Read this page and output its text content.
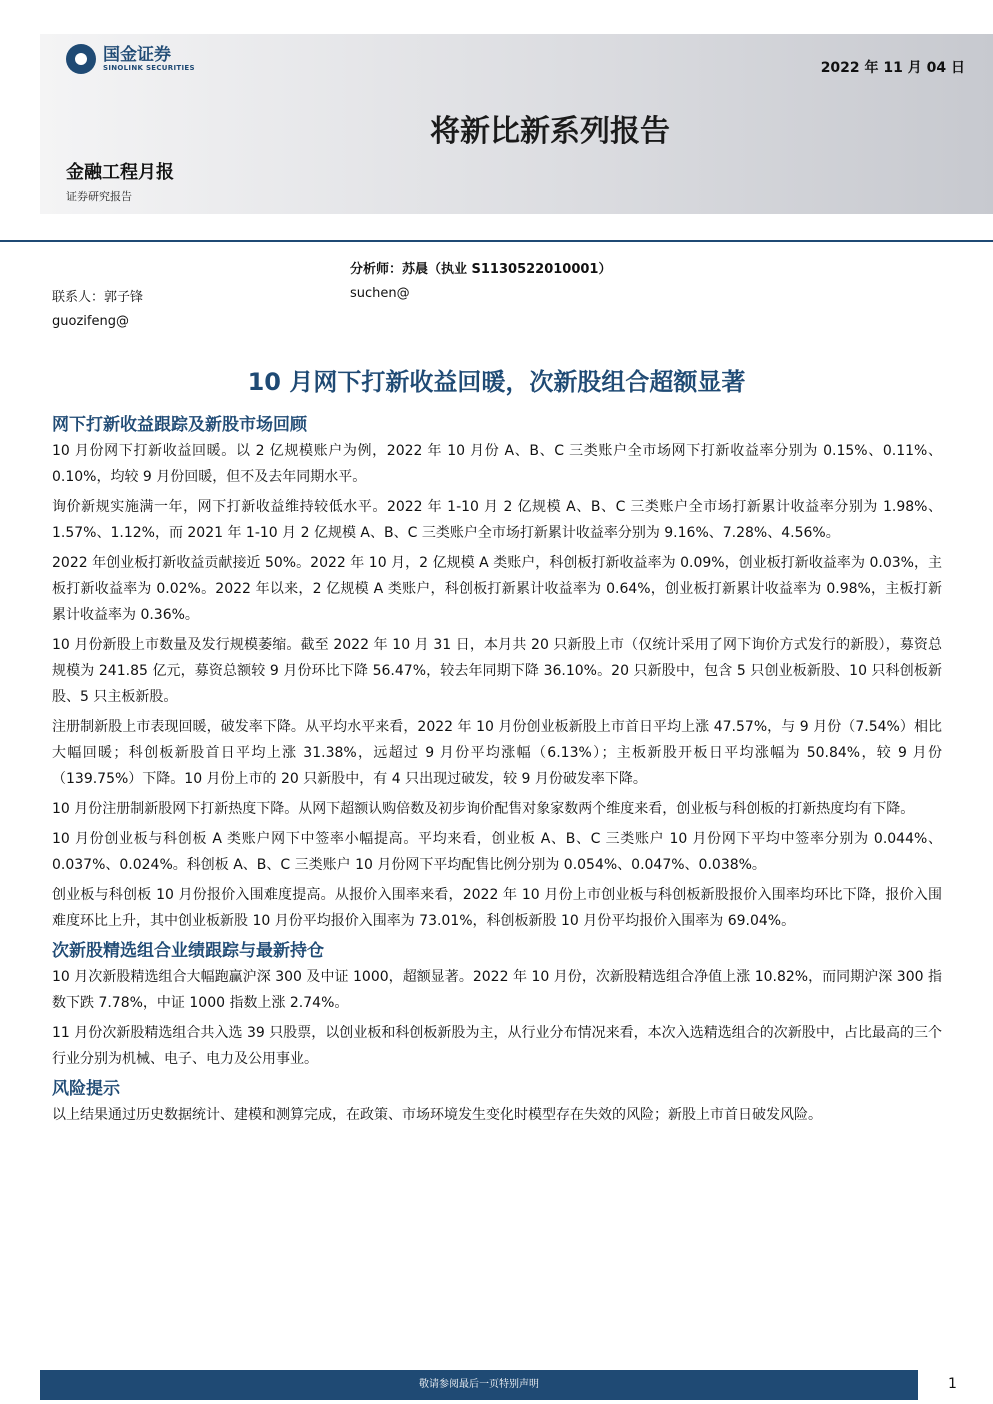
国金证券
SINOLINK SECURITIES	2022 年 11 月 04 日
将新比新系列报告
金融工程月报
证券研究报告
分析师：苏晨（执业 S1130522010001）
suchen@
联系人：郭子锋
guozifeng@
10 月网下打新收益回暖，次新股组合超额显著
网下打新收益跟踪及新股市场回顾

10 月份网下打新收益回暖。以 2 亿规模账户为例，2022 年 10 月份 A、B、C 三类账户全市场网下打新收益率分别为 0.15%、0.11%、0.10%，均较 9 月份回暖，但不及去年同期水平。

询价新规实施满一年，网下打新收益维持较低水平。2022 年 1-10 月 2 亿规模 A、B、C 三类账户全市场打新累计收益率分别为 1.98%、1.57%、1.12%，而 2021 年 1-10 月 2 亿规模 A、B、C 三类账户全市场打新累计收益率分别为 9.16%、7.28%、4.56%。

2022 年创业板打新收益贡献接近 50%。2022 年 10 月，2 亿规模 A 类账户，科创板打新收益率为 0.09%，创业板打新收益率为 0.03%，主板打新收益率为 0.02%。2022 年以来，2 亿规模 A 类账户，科创板打新累计收益率为 0.64%，创业板打新累计收益率为 0.98%，主板打新累计收益率为 0.36%。

10 月份新股上市数量及发行规模萎缩。截至 2022 年 10 月 31 日，本月共 20 只新股上市（仅统计采用了网下询价方式发行的新股），募资总规模为 241.85 亿元，募资总额较 9 月份环比下降 56.47%，较去年同期下降 36.10%。20 只新股中，包含 5 只创业板新股、10 只科创板新股、5 只主板新股。

注册制新股上市表现回暖，破发率下降。从平均水平来看，2022 年 10 月份创业板新股上市首日平均上涨 47.57%，与 9 月份（7.54%）相比大幅回暖；科创板新股首日平均上涨 31.38%，远超过 9 月份平均涨幅（6.13%）；主板新股开板日平均涨幅为 50.84%，较 9 月份（139.75%）下降。10 月份上市的 20 只新股中，有 4 只出现过破发，较 9 月份破发率下降。

10 月份注册制新股网下打新热度下降。从网下超额认购倍数及初步询价配售对象家数两个维度来看，创业板与科创板的打新热度均有下降。

10 月份创业板与科创板 A 类账户网下中签率小幅提高。平均来看，创业板 A、B、C 三类账户 10 月份网下平均中签率分别为 0.044%、0.037%、0.024%。科创板 A、B、C 三类账户 10 月份网下平均配售比例分别为 0.054%、0.047%、0.038%。

创业板与科创板 10 月份报价入围难度提高。从报价入围率来看，2022 年 10 月份上市创业板与科创板新股报价入围率均环比下降，报价入围难度环比上升，其中创业板新股 10 月份平均报价入围率为 73.01%，科创板新股 10 月份平均报价入围率为 69.04%。

次新股精选组合业绩跟踪与最新持仓

10 月次新股精选组合大幅跑赢沪深 300 及中证 1000，超额显著。2022 年 10 月份，次新股精选组合净值上涨 10.82%，而同期沪深 300 指数下跌 7.78%，中证 1000 指数上涨 2.74%。

11 月份次新股精选组合共入选 39 只股票，以创业板和科创板新股为主，从行业分布情况来看，本次入选精选组合的次新股中，占比最高的三个行业分别为机械、电子、电力及公用事业。

风险提示

以上结果通过历史数据统计、建模和测算完成，在政策、市场环境发生变化时模型存在失效的风险；新股上市首日破发风险。

敬请参阅最后一页特别声明	1
